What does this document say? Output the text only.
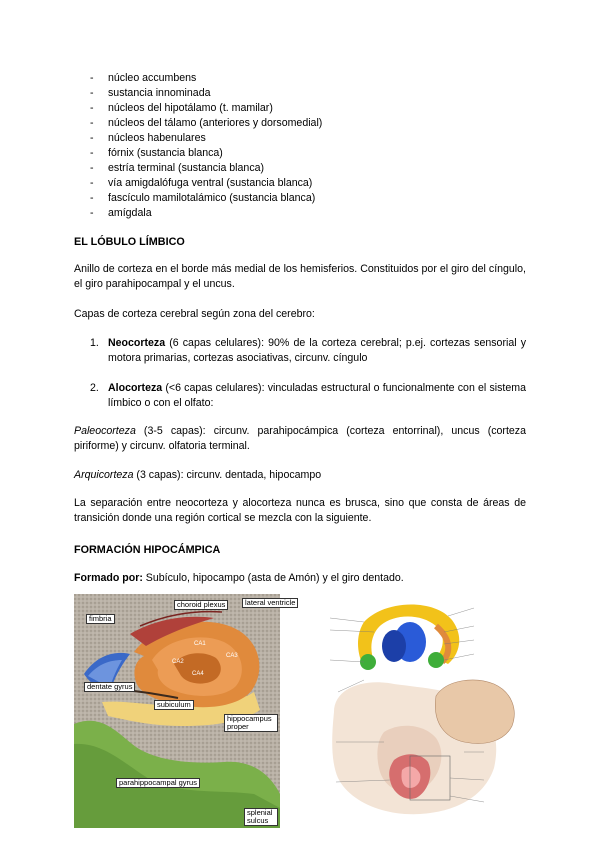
- núcleo accumbens
- sustancia innominada
- núcleos del hipotálamo (t. mamilar)
- núcleos del tálamo (anteriores y dorsomedial)
- núcleos habenulares
- fórnix (sustancia blanca)
- estría terminal (sustancia blanca)
- vía amigdalófuga ventral (sustancia blanca)
- fascículo mamilotalámico (sustancia blanca)
- amígdala
EL LÓBULO LÍMBICO
Anillo de corteza en el borde más medial de los hemisferios. Constituidos por el giro del cíngulo, el giro parahipocampal y el uncus.
Capas de corteza cerebral según zona del cerebro:
1. Neocorteza (6 capas celulares): 90% de la corteza cerebral; p.ej. cortezas sensorial y motora primarias, cortezas asociativas, circunv. cíngulo
2. Alocorteza (<6 capas celulares): vinculadas estructural o funcionalmente con el sistema límbico o con el olfato:
Paleocorteza (3-5 capas): circunv. parahipocámpica (corteza entorrinal), uncus (corteza piriforme) y circunv. olfatoria terminal.
Arquicorteza (3 capas): circunv. dentada, hipocampo
La separación entre neocorteza y alocorteza nunca es brusca, sino que consta de áreas de transición donde una región cortical se mezcla con la siguiente.
FORMACIÓN HIPOCÁMPICA
Formado por: Subículo, hipocampo (asta de Amón) y el giro dentado.
choroid plexus	lateral ventricle
fimbria
dentate gyrus
subiculum
hippocampus proper
parahippocampal gyrus
splenial sulcus
CA1
CA2
CA3
CA4
